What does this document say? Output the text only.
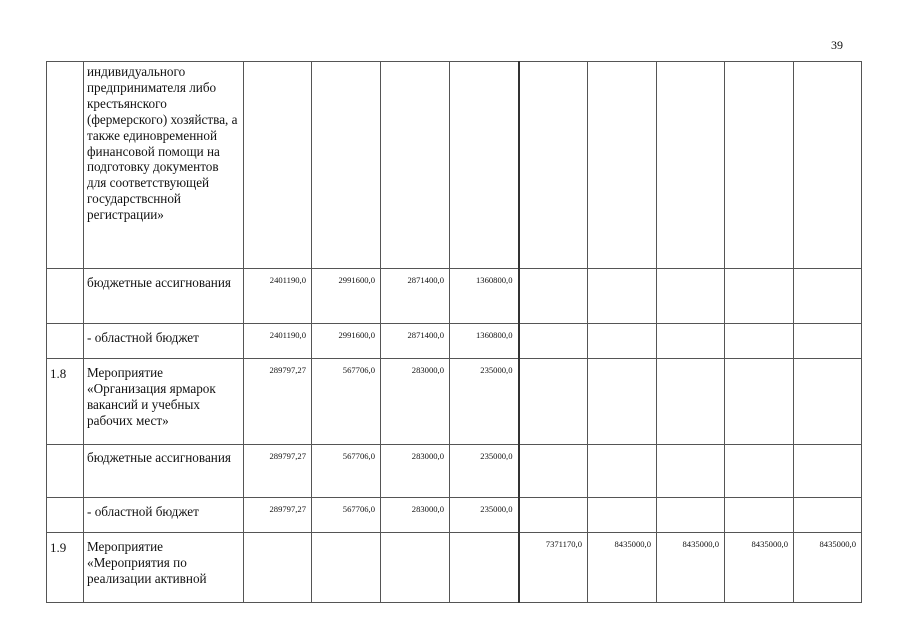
39
	индивидуального предпринимателя либо крестьянского (фермерского) хозяйства, а также единовременной финансовой помощи на подготовку документов для соответствующей государствснной регистрации»									
	бюджетные ассигнования	2401190,0	2991600,0	2871400,0	1360800,0					
	- областной бюджет	2401190,0	2991600,0	2871400,0	1360800,0					
1.8	Мероприятие «Организация ярмарок вакансий и учебных рабочих мест»	289797,27	567706,0	283000,0	235000,0					
	бюджетные ассигнования	289797,27	567706,0	283000,0	235000,0					
	- областной бюджет	289797,27	567706,0	283000,0	235000,0					
1.9	Мероприятие «Мероприятия по реализации активной					7371170,0	8435000,0	8435000,0	8435000,0	8435000,0
